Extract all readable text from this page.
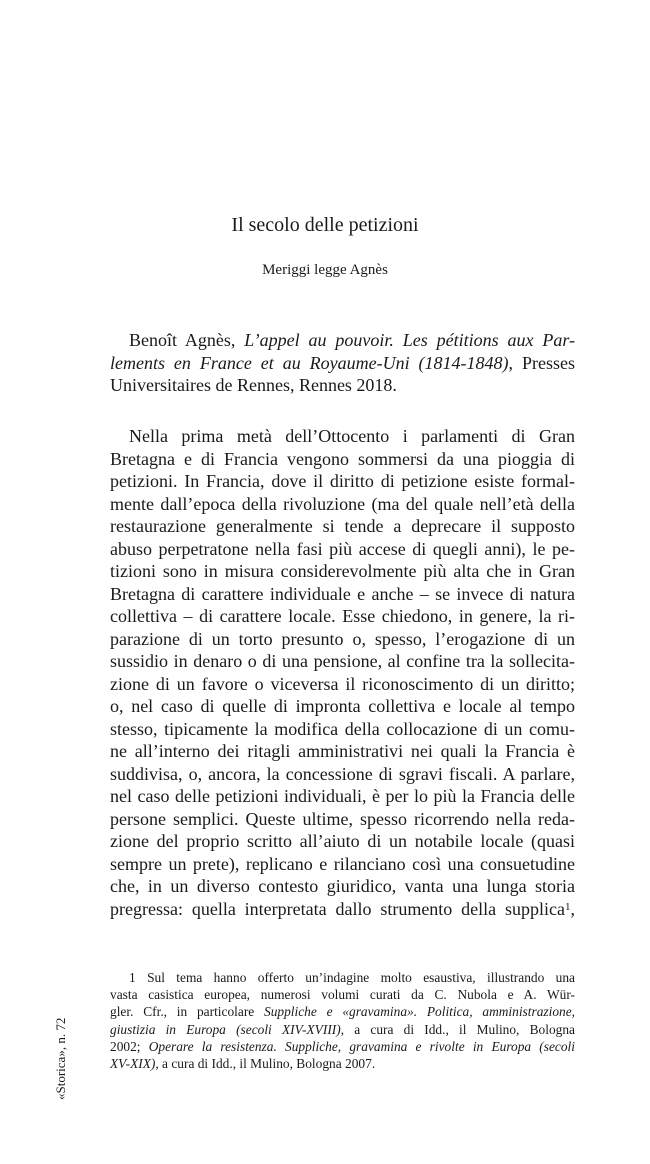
Il secolo delle petizioni
Meriggi legge Agnès
Benoît Agnès, L’appel au pouvoir. Les pétitions aux Par-
lements en France et au Royaume-Uni (1814-1848), Presses
Universitaires de Rennes, Rennes 2018.
Nella prima metà dell’Ottocento i parlamenti di Gran
Bretagna e di Francia vengono sommersi da una pioggia di
petizioni. In Francia, dove il diritto di petizione esiste formal-
mente dall’epoca della rivoluzione (ma del quale nell’età della
restaurazione generalmente si tende a deprecare il supposto
abuso perpetratone nella fasi più accese di quegli anni), le pe-
tizioni sono in misura considerevolmente più alta che in Gran
Bretagna di carattere individuale e anche – se invece di natura
collettiva – di carattere locale. Esse chiedono, in genere, la ri-
parazione di un torto presunto o, spesso, l’erogazione di un
sussidio in denaro o di una pensione, al confine tra la sollecita-
zione di un favore o viceversa il riconoscimento di un diritto;
o, nel caso di quelle di impronta collettiva e locale al tempo
stesso, tipicamente la modifica della collocazione di un comu-
ne all’interno dei ritagli amministrativi nei quali la Francia è
suddivisa, o, ancora, la concessione di sgravi fiscali. A parlare,
nel caso delle petizioni individuali, è per lo più la Francia delle
persone semplici. Queste ultime, spesso ricorrendo nella reda-
zione del proprio scritto all’aiuto di un notabile locale (quasi
sempre un prete), replicano e rilanciano così una consuetudine
che, in un diverso contesto giuridico, vanta una lunga storia
pregressa: quella interpretata dallo strumento della supplica$^1$,
1 Sul tema hanno offerto un’indagine molto esaustiva, illustrando una
vasta casistica europea, numerosi volumi curati da C. Nubola e A. Wür-
gler. Cfr., in particolare Suppliche e «gravamina». Politica, amministrazione,
giustizia in Europa (secoli XIV-XVIII), a cura di Idd., il Mulino, Bologna
2002; Operare la resistenza. Suppliche, gravamina e rivolte in Europa (secoli
XV-XIX), a cura di Idd., il Mulino, Bologna 2007.
«Storica», n. 72
